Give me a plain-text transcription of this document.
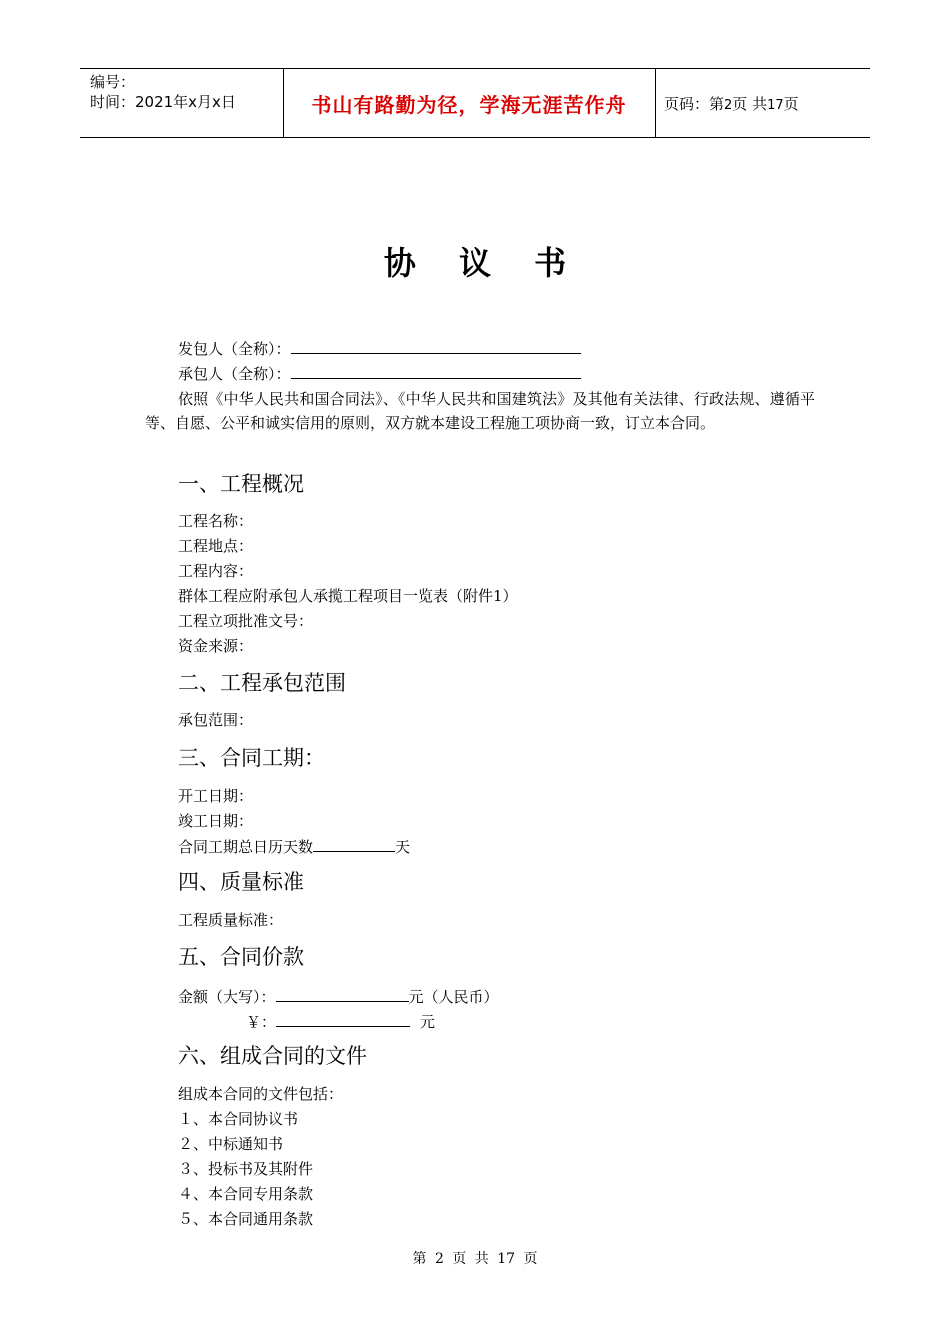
编号：
时间：2021年x月x日	书山有路勤为径，学海无涯苦作舟	页码：第2页 共17页
协 议 书
发包人（全称）：
承包人（全称）：
依照《中华人民共和国合同法》、《中华人民共和国建筑法》及其他有关法律、行政法规、遵循平等、自愿、公平和诚实信用的原则，双方就本建设工程施工项协商一致，订立本合同。
一、工程概况
工程名称：
工程地点：
工程内容：
群体工程应附承包人承揽工程项目一览表（附件1）
工程立项批准文号：
资金来源：
二、工程承包范围
承包范围：
三、合同工期：
开工日期：
竣工日期：
合同工期总日历天数	天
四、质量标准
工程质量标准：
五、合同价款
金额（大写）：	元（人民币）
￥：	元
六、组成合同的文件
组成本合同的文件包括：
１、本合同协议书
２、中标通知书
３、投标书及其附件
４、本合同专用条款
５、本合同通用条款
第 2 页 共 17 页
